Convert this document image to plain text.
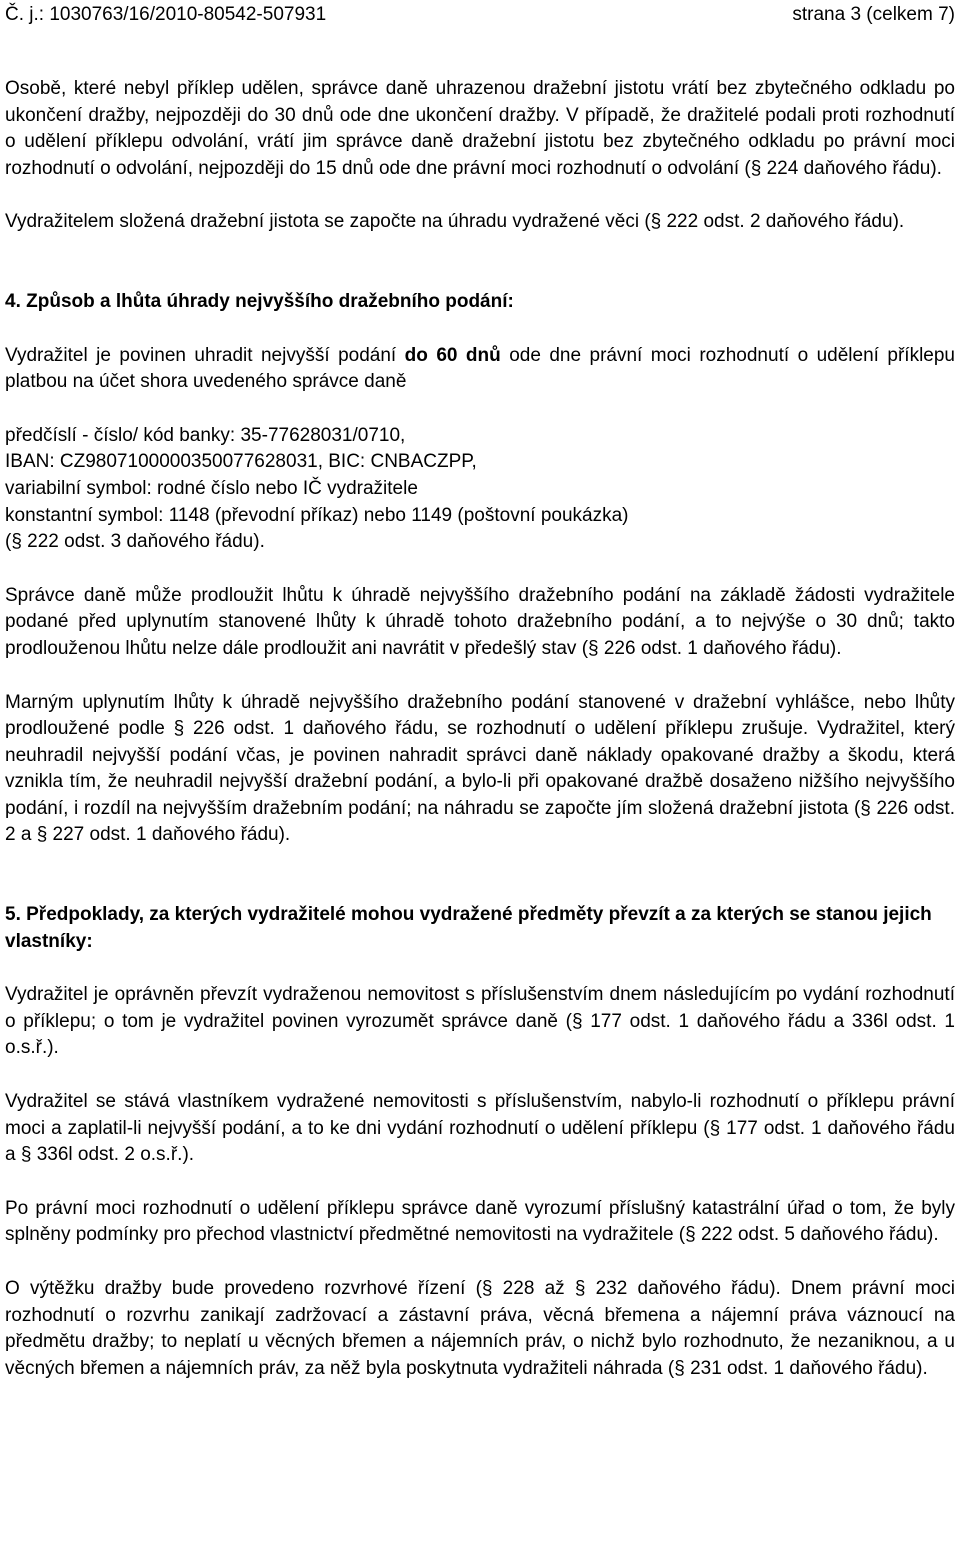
Č. j.: 1030763/16/2010-80542-507931	strana 3 (celkem 7)

Osobě, které nebyl příklep udělen, správce daně uhrazenou dražební jistotu vrátí bez zbytečného odkladu po ukončení dražby, nejpozději do 30 dnů ode dne ukončení dražby. V případě, že dražitelé podali proti rozhodnutí o udělení příklepu odvolání, vrátí jim správce daně dražební jistotu bez zbytečného odkladu po právní moci rozhodnutí o odvolání, nejpozději do 15 dnů ode dne právní moci rozhodnutí o odvolání (§ 224 daňového řádu).

Vydražitelem složená dražební jistota se započte na úhradu vydražené věci (§ 222 odst. 2 daňového řádu).

4. Způsob a lhůta úhrady nejvyššího dražebního podání:

Vydražitel je povinen uhradit nejvyšší podání do 60 dnů ode dne právní moci rozhodnutí o udělení příklepu platbou na účet shora uvedeného správce daně

předčíslí - číslo/ kód banky: 35-77628031/0710,

IBAN: CZ9807100000350077628031, BIC: CNBACZPP,

variabilní symbol: rodné číslo nebo IČ vydražitele

konstantní symbol: 1148 (převodní příkaz) nebo 1149 (poštovní poukázka)

(§ 222 odst. 3 daňového řádu).

Správce daně může prodloužit lhůtu k úhradě nejvyššího dražebního podání na základě žádosti vydražitele podané před uplynutím stanovené lhůty k úhradě tohoto dražebního podání, a to nejvýše o 30 dnů; takto prodlouženou lhůtu nelze dále prodloužit ani navrátit v předešlý stav (§ 226 odst. 1 daňového řádu).

Marným uplynutím lhůty k úhradě nejvyššího dražebního podání stanovené v dražební vyhlášce, nebo lhůty prodloužené podle § 226 odst. 1 daňového řádu, se rozhodnutí o udělení příklepu zrušuje. Vydražitel, který neuhradil nejvyšší podání včas, je povinen nahradit správci daně náklady opakované dražby a škodu, která vznikla tím, že neuhradil nejvyšší dražební podání, a bylo-li při opakované dražbě dosaženo nižšího nejvyššího podání, i rozdíl na nejvyšším dražebním podání; na náhradu se započte jím složená dražební jistota (§ 226 odst. 2 a § 227 odst. 1 daňového řádu).

5. Předpoklady, za kterých vydražitelé mohou vydražené předměty převzít a za kterých se stanou jejich vlastníky:

Vydražitel je oprávněn převzít vydraženou nemovitost s příslušenstvím dnem následujícím po vydání rozhodnutí o příklepu; o tom je vydražitel povinen vyrozumět správce daně (§ 177 odst. 1 daňového řádu a 336l odst. 1 o.s.ř.).

Vydražitel se stává vlastníkem vydražené nemovitosti s příslušenstvím, nabylo-li rozhodnutí o příklepu právní moci a zaplatil-li nejvyšší podání, a to ke dni vydání rozhodnutí o udělení příklepu (§ 177 odst. 1 daňového řádu a § 336l odst. 2 o.s.ř.).

Po právní moci rozhodnutí o udělení příklepu správce daně vyrozumí příslušný katastrální úřad o tom, že byly splněny podmínky pro přechod vlastnictví předmětné nemovitosti na vydražitele (§ 222 odst. 5 daňového řádu).

O výtěžku dražby bude provedeno rozvrhové řízení (§ 228 až § 232 daňového řádu). Dnem právní moci rozhodnutí o rozvrhu zanikají zadržovací a zástavní práva, věcná břemena a nájemní práva váznoucí na předmětu dražby; to neplatí u věcných břemen a nájemních práv, o nichž bylo rozhodnuto, že nezaniknou, a u věcných břemen a nájemních práv, za něž byla poskytnuta vydražiteli náhrada (§ 231 odst. 1 daňového řádu).
